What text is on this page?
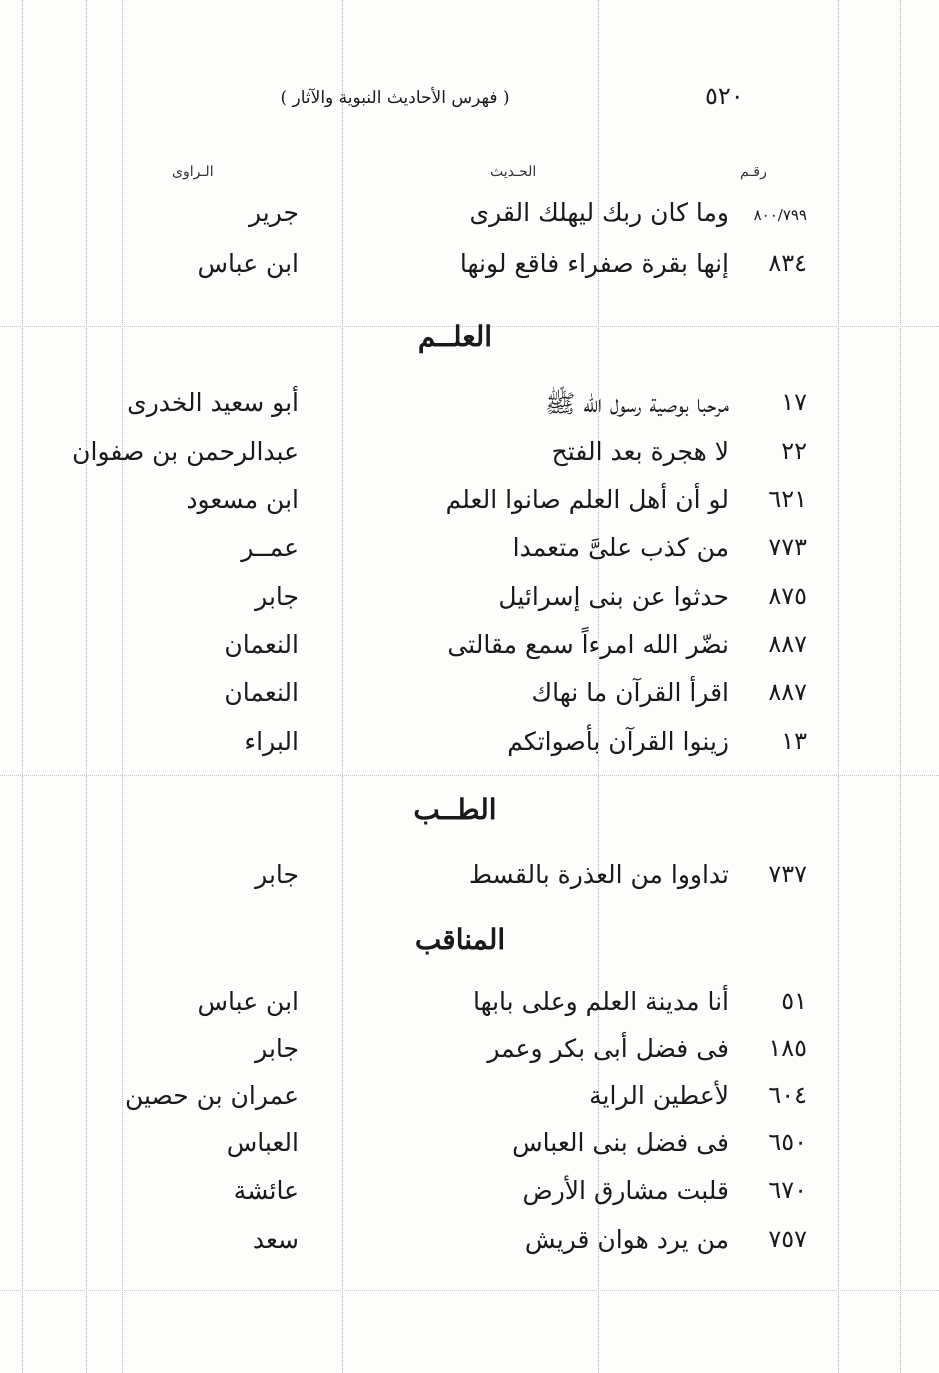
٥٢٠
( فهرس الأحاديث النبوية والآثار )
رقـم
الحـديث
الـراوى
٨٠٠/٧٩٩
وما كان ربك ليهلك القرى
جرير
٨٣٤
إنها بقرة صفراء فاقع لونها
ابن عباس
العلــم
١٧
مرحبا بوصية رسول الله ﷺ
أبو سعيد الخدرى
٢٢
لا هجرة بعد الفتح
عبدالرحمن بن صفوان
٦٢١
لو أن أهل العلم صانوا العلم
ابن مسعود
٧٧٣
من كذب علىَّ متعمدا
عمــر
٨٧٥
حدثوا عن بنى إسرائيل
جابر
٨٨٧
نضّر الله امرءاً سمع مقالتى
النعمان
٨٨٧
اقرأ القرآن ما نهاك
النعمان
١٣
زينوا القرآن بأصواتكم
البراء
الطــب
٧٣٧
تداووا من العذرة بالقسط
جابر
المناقب
٥١
أنا مدينة العلم وعلى بابها
ابن عباس
١٨٥
فى فضل أبى بكر وعمر
جابر
٦٠٤
لأعطين الراية
عمران بن حصين
٦٥٠
فى فضل بنى العباس
العباس
٦٧٠
قلبت مشارق الأرض
عائشة
٧٥٧
من يرد هوان قريش
سعد
